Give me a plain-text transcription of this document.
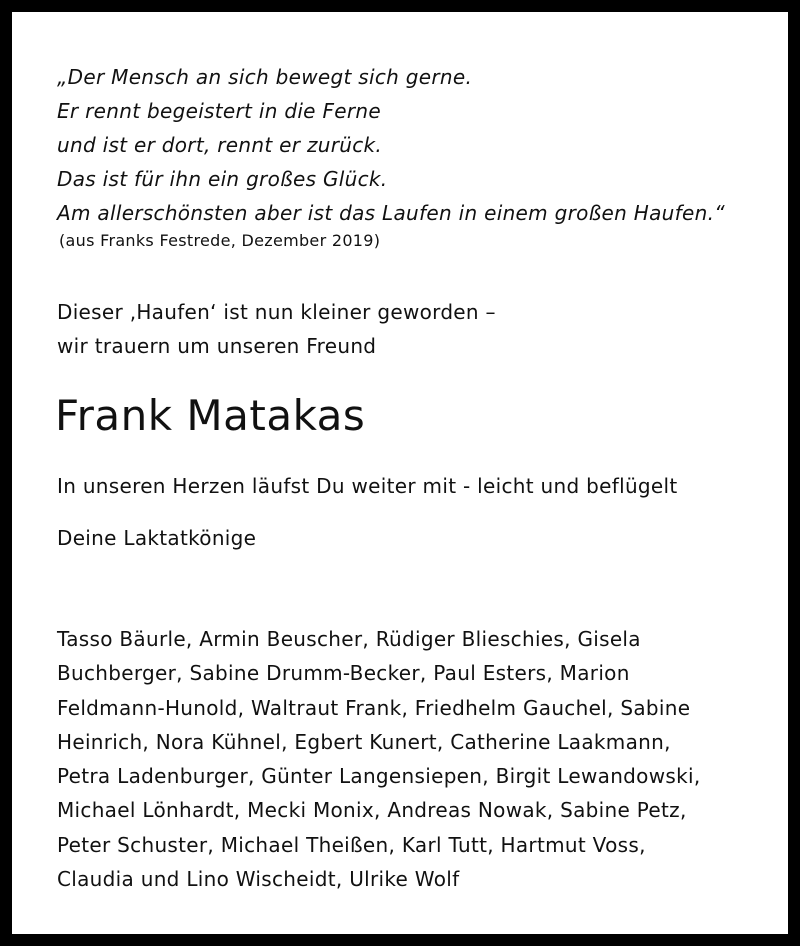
„Der Mensch an sich bewegt sich gerne.
Er rennt begeistert in die Ferne
und ist er dort, rennt er zurück.
Das ist für ihn ein großes Glück.
Am allerschönsten aber ist das Laufen in einem großen Haufen.“
(aus Franks Festrede, Dezember 2019)
Dieser ‚Haufen‘ ist nun kleiner geworden –
wir trauern um unseren Freund
Frank Matakas
In unseren Herzen läufst Du weiter mit - leicht und beflügelt
Deine Laktatkönige
Tasso Bäurle, Armin Beuscher, Rüdiger Blieschies, Gisela
Buchberger, Sabine Drumm-Becker, Paul Esters, Marion
Feldmann-Hunold, Waltraut Frank, Friedhelm Gauchel, Sabine
Heinrich, Nora Kühnel, Egbert Kunert, Catherine Laakmann,
Petra Ladenburger, Günter Langensiepen, Birgit Lewandowski,
Michael Lönhardt, Mecki Monix, Andreas Nowak, Sabine Petz,
Peter Schuster, Michael Theißen, Karl Tutt, Hartmut Voss,
Claudia und Lino Wischeidt, Ulrike Wolf
